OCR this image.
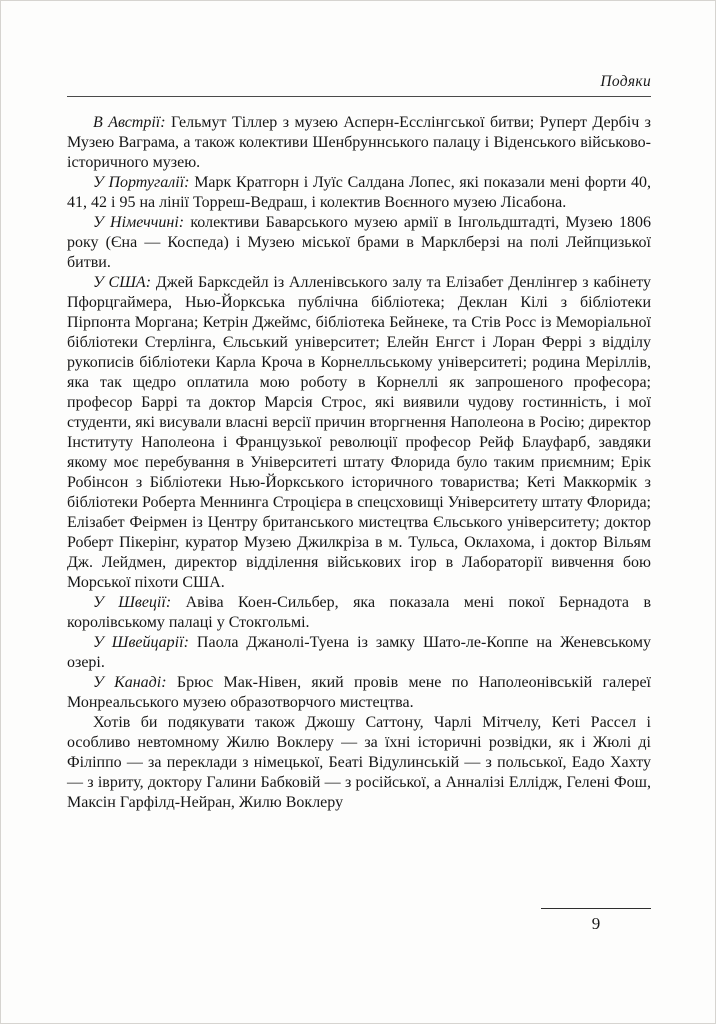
Подяки

В Австрії: Гельмут Тіллер з музею Асперн-Есслінгської битви; Руперт Дербіч з Музею Ваграма, а також колективи Шенбруннського палацу і Віденського військово-історичного музею.

У Португалії: Марк Кратгорн і Луїс Салдана Лопес, які показали мені форти 40, 41, 42 і 95 на лінії Торреш-Ведраш, і колектив Воєнного музею Лісабона.

У Німеччині: колективи Баварського музею армії в Інгольдштадті, Музею 1806 року (Єна — Коспеда) і Музею міської брами в Марклберзі на полі Лейпцизької битви.

У США: Джей Барксдейл із Алленівського залу та Елізабет Денлінгер з кабінету Пфорцгаймера, Нью-Йоркська публічна бібліотека; Деклан Кілі з бібліотеки Пірпонта Моргана; Кетрін Джеймс, бібліотека Бейнеке, та Стів Росс із Меморіальної бібліотеки Стерлінга, Єльський університет; Елейн Енгст і Лоран Феррі з відділу рукописів бібліотеки Карла Кроча в Корнелльському університеті; родина Меріллів, яка так щедро оплатила мою роботу в Корнеллі як запрошеного професора; професор Баррі та доктор Марсія Строс, які виявили чудову гостинність, і мої студенти, які висували власні версії причин вторгнення Наполеона в Росію; директор Інституту Наполеона і Французької революції професор Рейф Блауфарб, завдяки якому моє перебування в Університеті штату Флорида було таким приємним; Ерік Робінсон з Бібліотеки Нью-Йоркського історичного товариства; Кеті Маккормік з бібліотеки Роберта Меннинга Строцієра в спецсховищі Університету штату Флорида; Елізабет Феірмен із Центру британського мистецтва Єльського університету; доктор Роберт Пікерінг, куратор Музею Джилкріза в м. Тульса, Оклахома, і доктор Вільям Дж. Лейдмен, директор відділення військових ігор в Лабораторії вивчення бою Морської піхоти США.

У Швеції: Авіва Коен-Сильбер, яка показала мені покої Бернадота в королівському палаці у Стокгольмі.

У Швейцарії: Паола Джанолі-Туена із замку Шато-ле-Коппе на Женевському озері.

У Канаді: Брюс Мак-Нівен, який провів мене по Наполеонівській галереї Монреальського музею образотворчого мистецтва.

Хотів би подякувати також Джошу Саттону, Чарлі Мітчелу, Кеті Рассел і особливо невтомному Жилю Воклеру — за їхні історичні розвідки, як і Жюлі ді Філіппо — за переклади з німецької, Беаті Відулинській — з польської, Еадо Хахту — з івриту, доктору Галини Бабковій — з російської, а Анналізі Еллідж, Гелені Фош, Максін Гарфілд-Нейран, Жилю Воклеру

9
